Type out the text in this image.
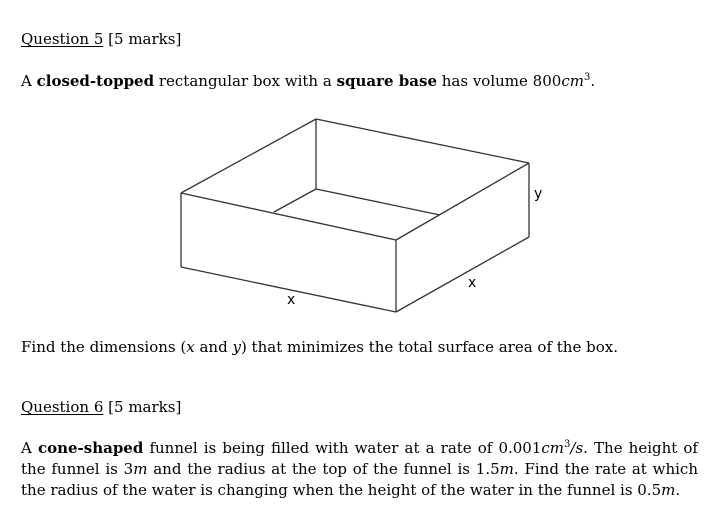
Question 5 [5 marks]
A closed-topped rectangular box with a square base has volume $800cm^3$.
y
x
x
Find the dimensions (x and y) that minimizes the total surface area of the box.
Question 6 [5 marks]
A cone-shaped funnel is being filled with water at a rate of $0.001cm^3/s$. The height of the funnel is 3m and the radius at the top of the funnel is 1.5m. Find the rate at which the radius of the water is changing when the height of the water in the funnel is 0.5m.
